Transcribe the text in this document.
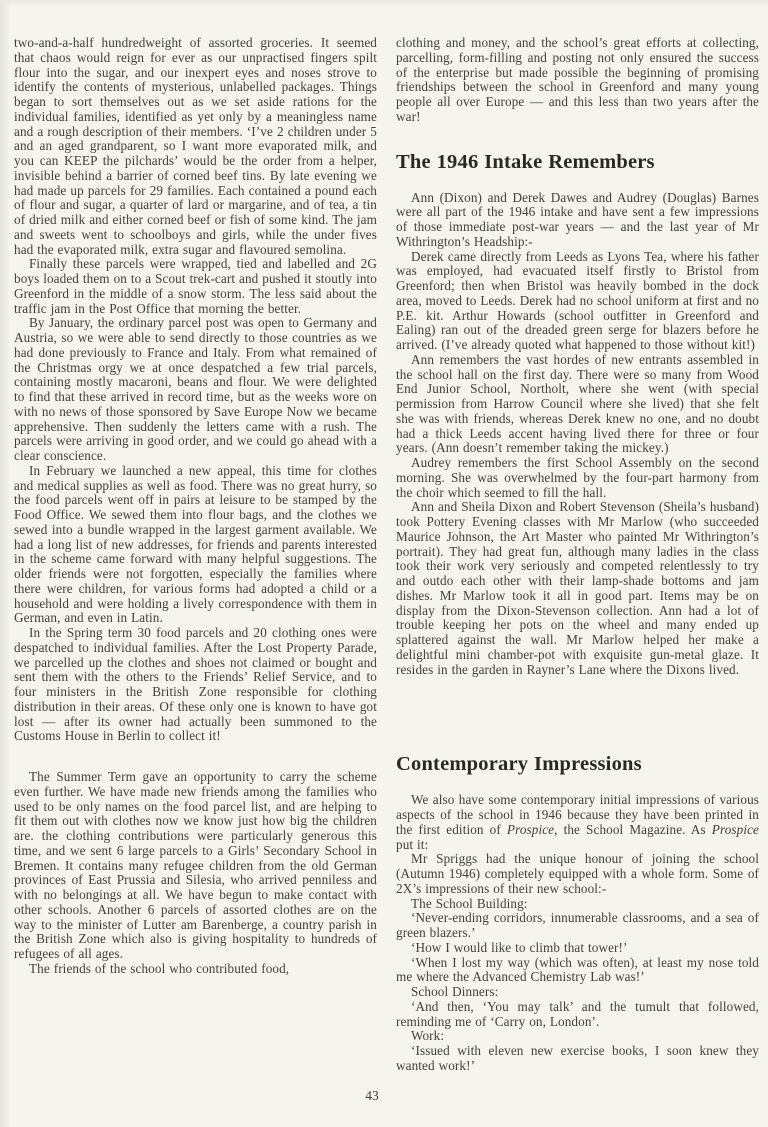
two-and-a-half hundredweight of assorted groceries. It seemed that chaos would reign for ever as our unpractised fingers spilt flour into the sugar, and our inexpert eyes and noses strove to identify the contents of mysterious, unlabelled packages. Things began to sort themselves out as we set aside rations for the individual families, identified as yet only by a meaningless name and a rough description of their members. ‘I’ve 2 children under 5 and an aged grandparent, so I want more evaporated milk, and you can KEEP the pilchards’ would be the order from a helper, invisible behind a barrier of corned beef tins. By late evening we had made up parcels for 29 families. Each contained a pound each of flour and sugar, a quarter of lard or margarine, and of tea, a tin of dried milk and either corned beef or fish of some kind. The jam and sweets went to schoolboys and girls, while the under fives had the evaporated milk, extra sugar and flavoured semolina.

Finally these parcels were wrapped, tied and labelled and 2G boys loaded them on to a Scout trek-cart and pushed it stoutly into Greenford in the middle of a snow storm. The less said about the traffic jam in the Post Office that morning the better.

By January, the ordinary parcel post was open to Germany and Austria, so we were able to send directly to those countries as we had done previously to France and Italy. From what remained of the Christmas orgy we at once despatched a few trial parcels, containing mostly macaroni, beans and flour. We were delighted to find that these arrived in record time, but as the weeks wore on with no news of those sponsored by Save Europe Now we became apprehensive. Then suddenly the letters came with a rush. The parcels were arriving in good order, and we could go ahead with a clear conscience.

In February we launched a new appeal, this time for clothes and medical supplies as well as food. There was no great hurry, so the food parcels went off in pairs at leisure to be stamped by the Food Office. We sewed them into flour bags, and the clothes we sewed into a bundle wrapped in the largest garment available. We had a long list of new addresses, for friends and parents interested in the scheme came forward with many helpful suggestions. The older friends were not forgotten, especially the families where there were children, for various forms had adopted a child or a household and were holding a lively correspondence with them in German, and even in Latin.

In the Spring term 30 food parcels and 20 clothing ones were despatched to individual families. After the Lost Property Parade, we parcelled up the clothes and shoes not claimed or bought and sent them with the others to the Friends’ Relief Service, and to four ministers in the British Zone responsible for clothing distribution in their areas. Of these only one is known to have got lost — after its owner had actually been summoned to the Customs House in Berlin to collect it!

The Summer Term gave an opportunity to carry the scheme even further. We have made new friends among the families who used to be only names on the food parcel list, and are helping to fit them out with clothes now we know just how big the children are. the clothing contributions were particularly generous this time, and we sent 6 large parcels to a Girls’ Secondary School in Bremen. It contains many refugee children from the old German provinces of East Prussia and Silesia, who arrived penniless and with no belongings at all. We have begun to make contact with other schools. Another 6 parcels of assorted clothes are on the way to the minister of Lutter am Barenberge, a country parish in the British Zone which also is giving hospitality to hundreds of refugees of all ages.

The friends of the school who contributed food,

clothing and money, and the school’s great efforts at collecting, parcelling, form-filling and posting not only ensured the success of the enterprise but made possible the beginning of promising friendships between the school in Greenford and many young people all over Europe — and this less than two years after the war!

The 1946 Intake Remembers

Ann (Dixon) and Derek Dawes and Audrey (Douglas) Barnes were all part of the 1946 intake and have sent a few impressions of those immediate post-war years — and the last year of Mr Withrington’s Headship:-

Derek came directly from Leeds as Lyons Tea, where his father was employed, had evacuated itself firstly to Bristol from Greenford; then when Bristol was heavily bombed in the dock area, moved to Leeds. Derek had no school uniform at first and no P.E. kit. Arthur Howards (school outfitter in Greenford and Ealing) ran out of the dreaded green serge for blazers before he arrived. (I’ve already quoted what happened to those without kit!)

Ann remembers the vast hordes of new entrants assembled in the school hall on the first day. There were so many from Wood End Junior School, Northolt, where she went (with special permission from Harrow Council where she lived) that she felt she was with friends, whereas Derek knew no one, and no doubt had a thick Leeds accent having lived there for three or four years. (Ann doesn’t remember taking the mickey.)

Audrey remembers the first School Assembly on the second morning. She was overwhelmed by the four-part harmony from the choir which seemed to fill the hall.

Ann and Sheila Dixon and Robert Stevenson (Sheila’s husband) took Pottery Evening classes with Mr Marlow (who succeeded Maurice Johnson, the Art Master who painted Mr Withrington’s portrait). They had great fun, although many ladies in the class took their work very seriously and competed relentlessly to try and outdo each other with their lamp-shade bottoms and jam dishes. Mr Marlow took it all in good part. Items may be on display from the Dixon-Stevenson collection. Ann had a lot of trouble keeping her pots on the wheel and many ended up splattered against the wall. Mr Marlow helped her make a delightful mini chamber-pot with exquisite gun-metal glaze. It resides in the garden in Rayner’s Lane where the Dixons lived.

Contemporary Impressions

We also have some contemporary initial impressions of various aspects of the school in 1946 because they have been printed in the first edition of Prospice, the School Magazine. As Prospice put it:

Mr Spriggs had the unique honour of joining the school (Autumn 1946) completely equipped with a whole form. Some of 2X’s impressions of their new school:-

The School Building:

‘Never-ending corridors, innumerable classrooms, and a sea of green blazers.’

‘How I would like to climb that tower!’

‘When I lost my way (which was often), at least my nose told me where the Advanced Chemistry Lab was!’

School Dinners:

‘And then, ‘You may talk’ and the tumult that followed, reminding me of ‘Carry on, London’.

Work:

‘Issued with eleven new exercise books, I soon knew they wanted work!’

43
